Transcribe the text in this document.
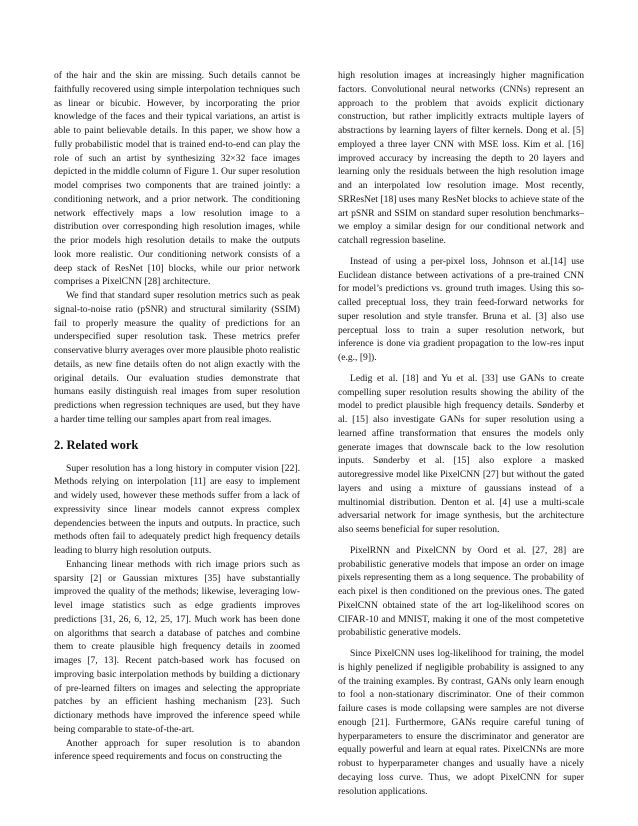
of the hair and the skin are missing. Such details cannot be faithfully recovered using simple interpolation techniques such as linear or bicubic. However, by incorporating the prior knowledge of the faces and their typical variations, an artist is able to paint believable details. In this paper, we show how a fully probabilistic model that is trained end-to-end can play the role of such an artist by synthesizing 32×32 face images depicted in the middle column of Figure 1. Our super resolution model comprises two components that are trained jointly: a conditioning network, and a prior network. The conditioning network effectively maps a low resolution image to a distribution over corresponding high resolution images, while the prior models high resolution details to make the outputs look more realistic. Our conditioning network consists of a deep stack of ResNet [10] blocks, while our prior network comprises a PixelCNN [28] architecture.

We find that standard super resolution metrics such as peak signal-to-noise ratio (pSNR) and structural similarity (SSIM) fail to properly measure the quality of predictions for an underspecified super resolution task. These metrics prefer conservative blurry averages over more plausible photo realistic details, as new fine details often do not align exactly with the original details. Our evaluation studies demonstrate that humans easily distinguish real images from super resolution predictions when regression techniques are used, but they have a harder time telling our samples apart from real images.

2. Related work

Super resolution has a long history in computer vision [22]. Methods relying on interpolation [11] are easy to implement and widely used, however these methods suffer from a lack of expressivity since linear models cannot express complex dependencies between the inputs and outputs. In practice, such methods often fail to adequately predict high frequency details leading to blurry high resolution outputs.

Enhancing linear methods with rich image priors such as sparsity [2] or Gaussian mixtures [35] have substantially improved the quality of the methods; likewise, leveraging low-level image statistics such as edge gradients improves predictions [31, 26, 6, 12, 25, 17]. Much work has been done on algorithms that search a database of patches and combine them to create plausible high frequency details in zoomed images [7, 13]. Recent patch-based work has focused on improving basic interpolation methods by building a dictionary of pre-learned filters on images and selecting the appropriate patches by an efficient hashing mechanism [23]. Such dictionary methods have improved the inference speed while being comparable to state-of-the-art.

Another approach for super resolution is to abandon inference speed requirements and focus on constructing the

high resolution images at increasingly higher magnification factors. Convolutional neural networks (CNNs) represent an approach to the problem that avoids explicit dictionary construction, but rather implicitly extracts multiple layers of abstractions by learning layers of filter kernels. Dong et al. [5] employed a three layer CNN with MSE loss. Kim et al. [16] improved accuracy by increasing the depth to 20 layers and learning only the residuals between the high resolution image and an interpolated low resolution image. Most recently, SRResNet [18] uses many ResNet blocks to achieve state of the art pSNR and SSIM on standard super resolution benchmarks–we employ a similar design for our conditional network and catchall regression baseline.

Instead of using a per-pixel loss, Johnson et al.[14] use Euclidean distance between activations of a pre-trained CNN for model’s predictions vs. ground truth images. Using this so-called preceptual loss, they train feed-forward networks for super resolution and style transfer. Bruna et al. [3] also use perceptual loss to train a super resolution network, but inference is done via gradient propagation to the low-res input (e.g., [9]).

Ledig et al. [18] and Yu et al. [33] use GANs to create compelling super resolution results showing the ability of the model to predict plausible high frequency details. Sønderby et al. [15] also investigate GANs for super resolution using a learned affine transformation that ensures the models only generate images that downscale back to the low resolution inputs. Sønderby et al. [15] also explore a masked autoregressive model like PixelCNN [27] but without the gated layers and using a mixture of gaussians instead of a multinomial distribution. Denton et al. [4] use a multi-scale adversarial network for image synthesis, but the architecture also seems beneficial for super resolution.

PixelRNN and PixelCNN by Oord et al. [27, 28] are probabilistic generative models that impose an order on image pixels representing them as a long sequence. The probability of each pixel is then conditioned on the previous ones. The gated PixelCNN obtained state of the art log-likelihood scores on CIFAR-10 and MNIST, making it one of the most competetive probabilistic generative models.

Since PixelCNN uses log-likelihood for training, the model is highly penelized if negligible probability is assigned to any of the training examples. By contrast, GANs only learn enough to fool a non-stationary discriminator. One of their common failure cases is mode collapsing were samples are not diverse enough [21]. Furthermore, GANs require careful tuning of hyperparameters to ensure the discriminator and generator are equally powerful and learn at equal rates. PixelCNNs are more robust to hyperparameter changes and usually have a nicely decaying loss curve. Thus, we adopt PixelCNN for super resolution applications.
